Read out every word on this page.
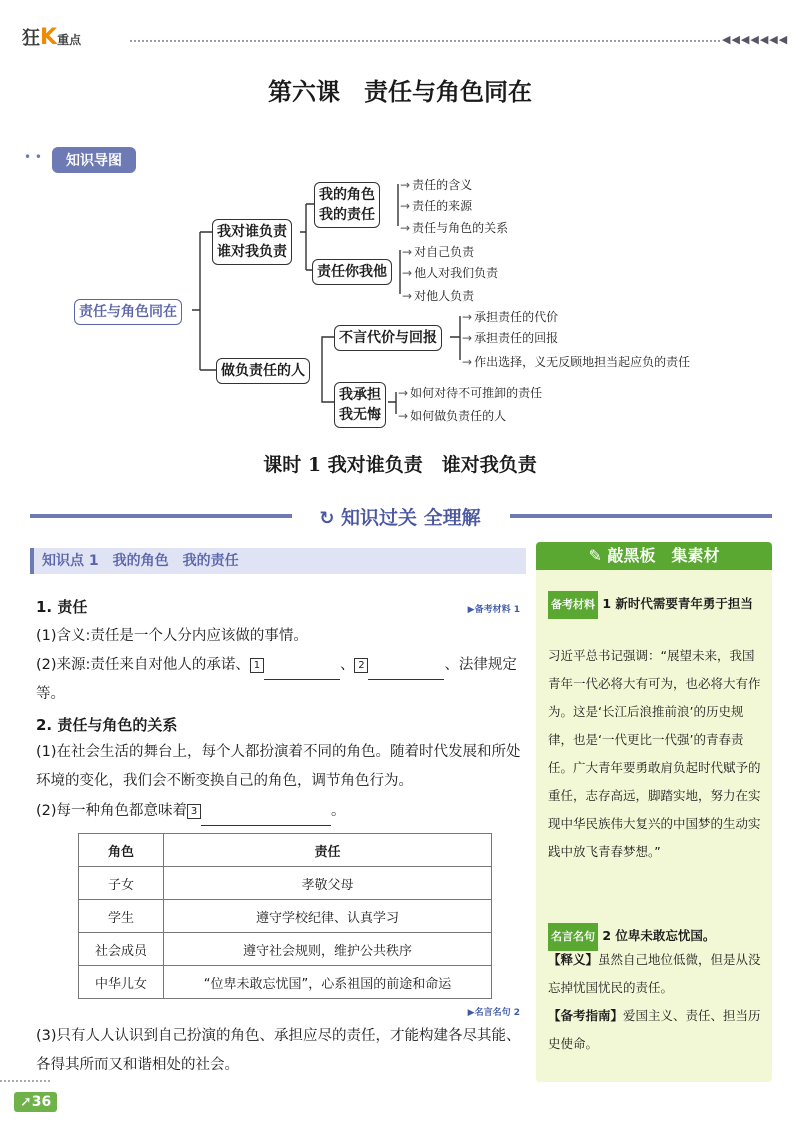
狂K重点	◀◀◀◀◀◀◀
第六课　责任与角色同在
• •	知识导图
责任与角色同在
我对谁负责
谁对我负责
我的角色
我的责任
责任你我他
做负责任的人
不言代价与回报
我承担
我无悔
→ 责任的含义
→ 责任的来源
→ 责任与角色的关系
→ 对自己负责
→ 他人对我们负责
→ 对他人负责
→ 承担责任的代价
→ 承担责任的回报
→ 作出选择，义无反顾地担当起应负的责任
→ 如何对待不可推卸的责任
→ 如何做负责任的人
课时 1 我对谁负责　谁对我负责
↻ 知识过关 全理解
知识点 1　我的角色　我的责任
1. 责任	▶备考材料 1
(1)含义:责任是一个人分内应该做的事情。
(2)来源:责任来自对他人的承诺、 1	、 2	、法律规定等。
2. 责任与角色的关系
(1)在社会生活的舞台上，每个人都扮演着不同的角色。随着时代发展和所处环境的变化，我们会不断变换自己的角色，调节角色行为。
(2)每一种角色都意味着 3	。
角色	责任
子女	孝敬父母
学生	遵守学校纪律、认真学习
社会成员	遵守社会规则，维护公共秩序
中华儿女	“位卑未敢忘忧国”，心系祖国的前途和命运
▶名言名句 2
(3)只有人人认识到自己扮演的角色、承担应尽的责任，才能构建各尽其能、各得其所而又和谐相处的社会。
✎ 敲黑板　集素材
备考材料 1 新时代需要青年勇于担当
习近平总书记强调：“展望未来，我国青年一代必将大有可为，也必将大有作为。这是‘长江后浪推前浪’的历史规律，也是‘一代更比一代强’的青春责任。广大青年要勇敢肩负起时代赋予的重任，志存高远，脚踏实地，努力在实现中华民族伟大复兴的中国梦的生动实践中放飞青春梦想。”
名言名句 2 位卑未敢忘忧国。
【释义】虽然自己地位低微，但是从没忘掉忧国忧民的责任。
【备考指南】爱国主义、责任、担当历史使命。
➚36
